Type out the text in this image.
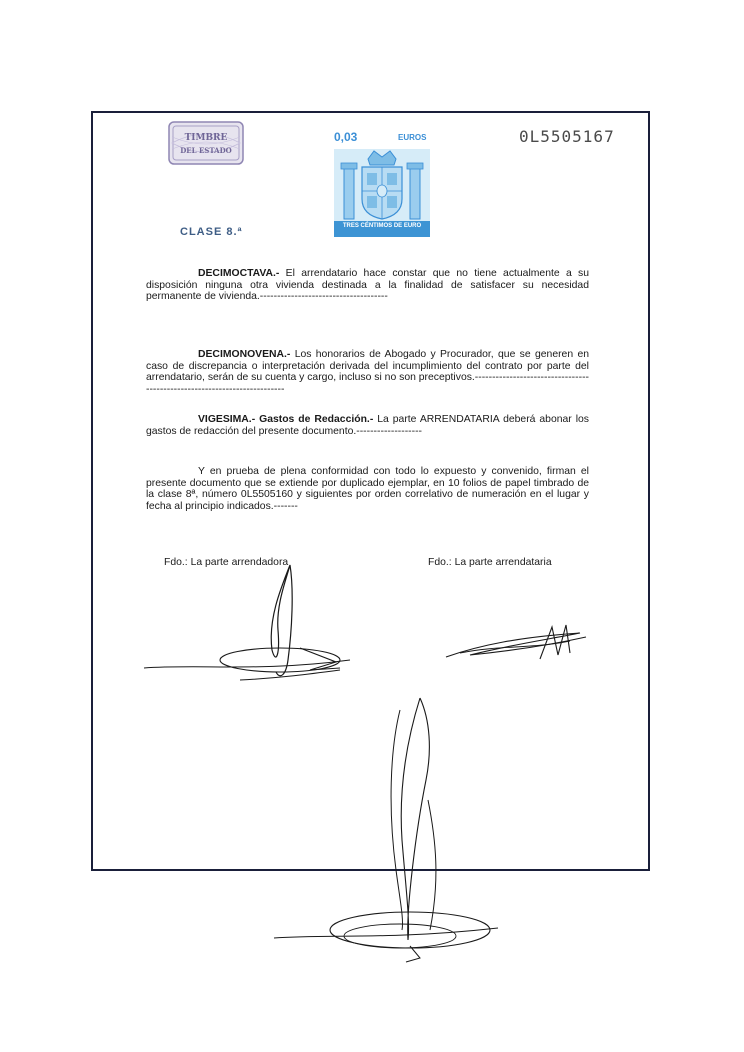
TIMBRE
DEL ESTADO
CLASE 8.ª
0,03	EUROS
TRES CÉNTIMOS DE EURO
0L5505167
DECIMOCTAVA.- El arrendatario hace constar que no tiene actualmente a su disposición ninguna otra vivienda destinada a la finalidad de satisfacer su necesidad permanente de vivienda.-------------------------------------
DECIMONOVENA.- Los honorarios de Abogado y Procurador, que se generen en caso de discrepancia o interpretación derivada del incumplimiento del contrato por parte del arrendatario, serán de su cuenta y cargo, incluso si no son preceptivos.-------------------------------------------------------------------------
VIGESIMA.- Gastos de Redacción.- La parte ARRENDATARIA deberá abonar los gastos de redacción del presente documento.-------------------
Y en prueba de plena conformidad con todo lo expuesto y convenido, firman el presente documento que se extiende por duplicado ejemplar, en 10 folios de papel timbrado de la clase 8ª, número 0L5505160 y siguientes por orden correlativo de numeración en el lugar y fecha al principio indicados.-------
Fdo.: La parte arrendadora	Fdo.: La parte arrendataria
